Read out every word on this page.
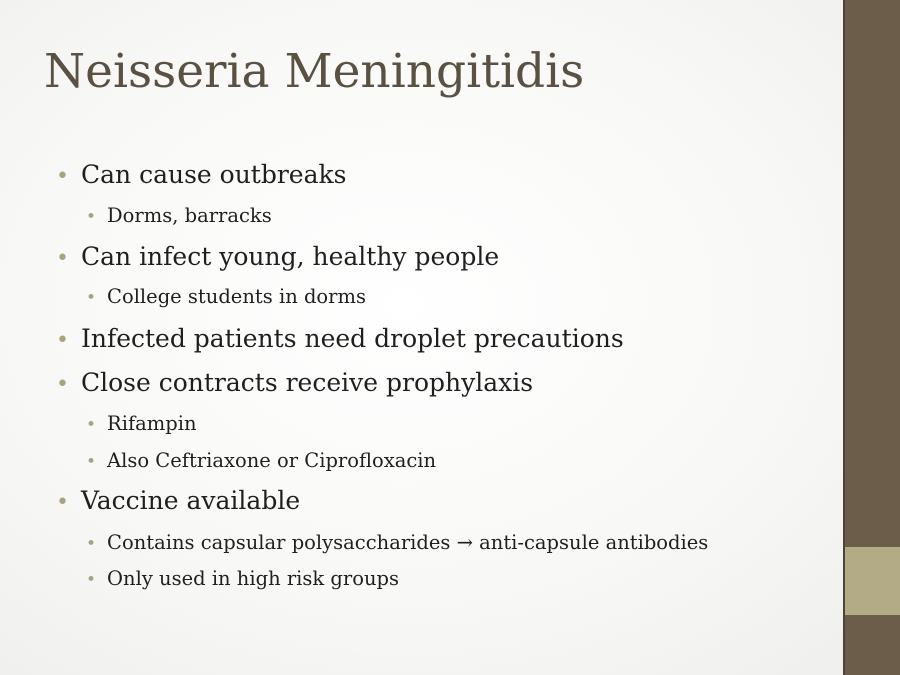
Neisseria Meningitidis
• Can cause outbreaks
• Dorms, barracks
• Can infect young, healthy people
• College students in dorms
• Infected patients need droplet precautions
• Close contracts receive prophylaxis
• Rifampin
• Also Ceftriaxone or Ciprofloxacin
• Vaccine available
• Contains capsular polysaccharides → anti-capsule antibodies
• Only used in high risk groups
